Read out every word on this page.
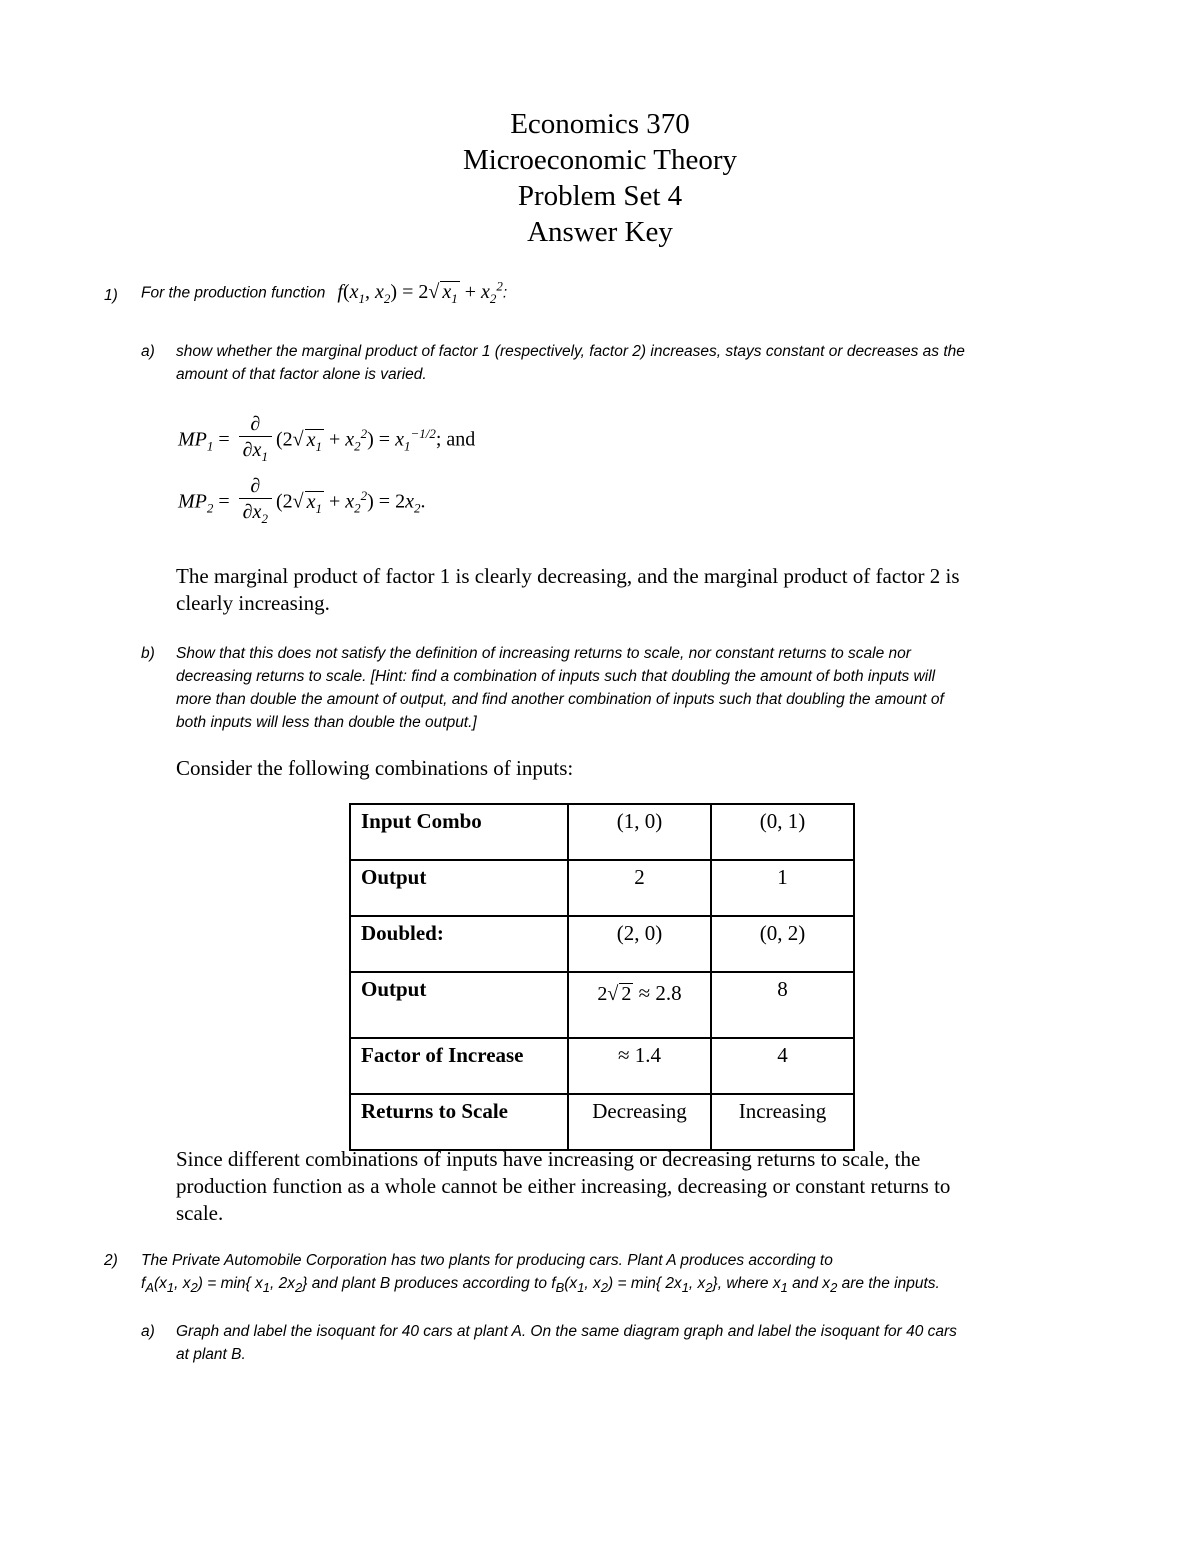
Economics 370
Microeconomic Theory
Problem Set 4
Answer Key
1) For the production function $f(x_1$, $x_2) = 2√$ $x_1 + x_2^2$:
a) show whether the marginal product of factor 1 (respectively, factor 2) increases, stays constant or decreases as the
amount of that factor alone is varied.
$MP_1 = \frac{\partial}{\partial x_1} (2√$ $x_1 + x_2^2) = x_1^{-1/2}$; and
$MP_2 = \frac{\partial}{\partial x_2} (2√$ $x_1 + x_2^2) = 2x_2$.
The marginal product of factor 1 is clearly decreasing, and the marginal product of factor 2 is
clearly increasing.
b) Show that this does not satisfy the definition of increasing returns to scale, nor constant returns to scale nor
decreasing returns to scale. [Hint: find a combination of inputs such that doubling the amount of both inputs will
more than double the amount of output, and find another combination of inputs such that doubling the amount of
both inputs will less than double the output.]
Consider the following combinations of inputs:
Input Combo	(1, 0)	(0, 1)
Output	2	1
Doubled:	(2, 0)	(0, 2)
Output	2√ 2 ≈ 2.8	8
Factor of Increase	≈ 1.4	4
Returns to Scale	Decreasing	Increasing
Since different combinations of inputs have increasing or decreasing returns to scale, the
production function as a whole cannot be either increasing, decreasing or constant returns to
scale.
2) The Private Automobile Corporation has two plants for producing cars. Plant A produces according to
$f_A(x_1$, $x_2) = \min${ $x_1$, $2x_2$} and plant B produces according to $f_B(x_1$, $x_2) = \min${ $2x_1$, $x_2$}, where $x_1$ and $x_2$ are the inputs.
a) Graph and label the isoquant for 40 cars at plant A. On the same diagram graph and label the isoquant for 40 cars
at plant B.
